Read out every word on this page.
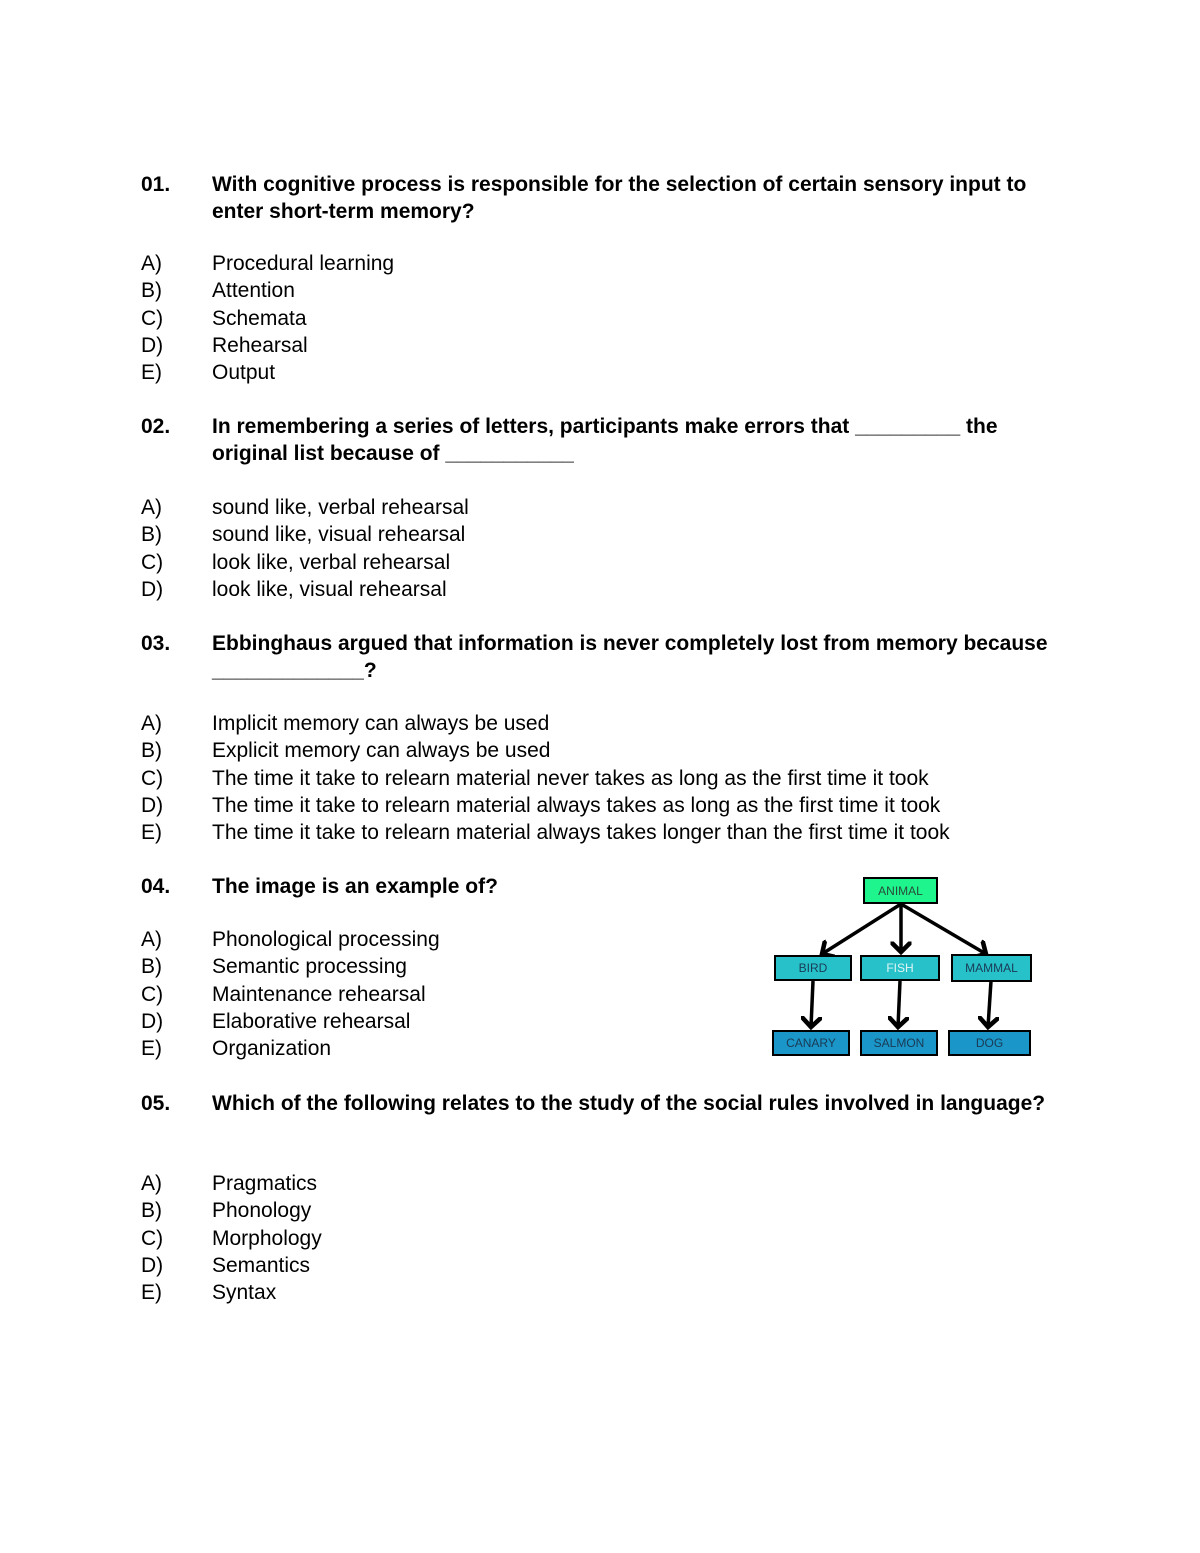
01.	With cognitive process is responsible for the selection of certain sensory input to enter short-term memory?
A)	Procedural learning
B)	Attention
C)	Schemata
D)	Rehearsal
E)	Output
02.	In remembering a series of letters, participants make errors that _________ the original list because of ___________
A)	sound like, verbal rehearsal
B)	sound like, visual rehearsal
C)	look like, verbal rehearsal
D)	look like, visual rehearsal
03.	Ebbinghaus argued that information is never completely lost from memory because _____________?
A)	Implicit memory can always be used
B)	Explicit memory can always be used
C)	The time it take to relearn material never takes as long as the first time it took
D)	The time it take to relearn material always takes as long as the first time it took
E)	The time it take to relearn material always takes longer than the first time it took
04.	The image is an example of?
A)	Phonological processing
B)	Semantic processing
C)	Maintenance rehearsal
D)	Elaborative rehearsal
E)	Organization
ANIMAL
BIRD	FISH	MAMMAL
CANARY	SALMON	DOG
05.	Which of the following relates to the study of the social rules involved in language?
A)	Pragmatics
B)	Phonology
C)	Morphology
D)	Semantics
E)	Syntax
